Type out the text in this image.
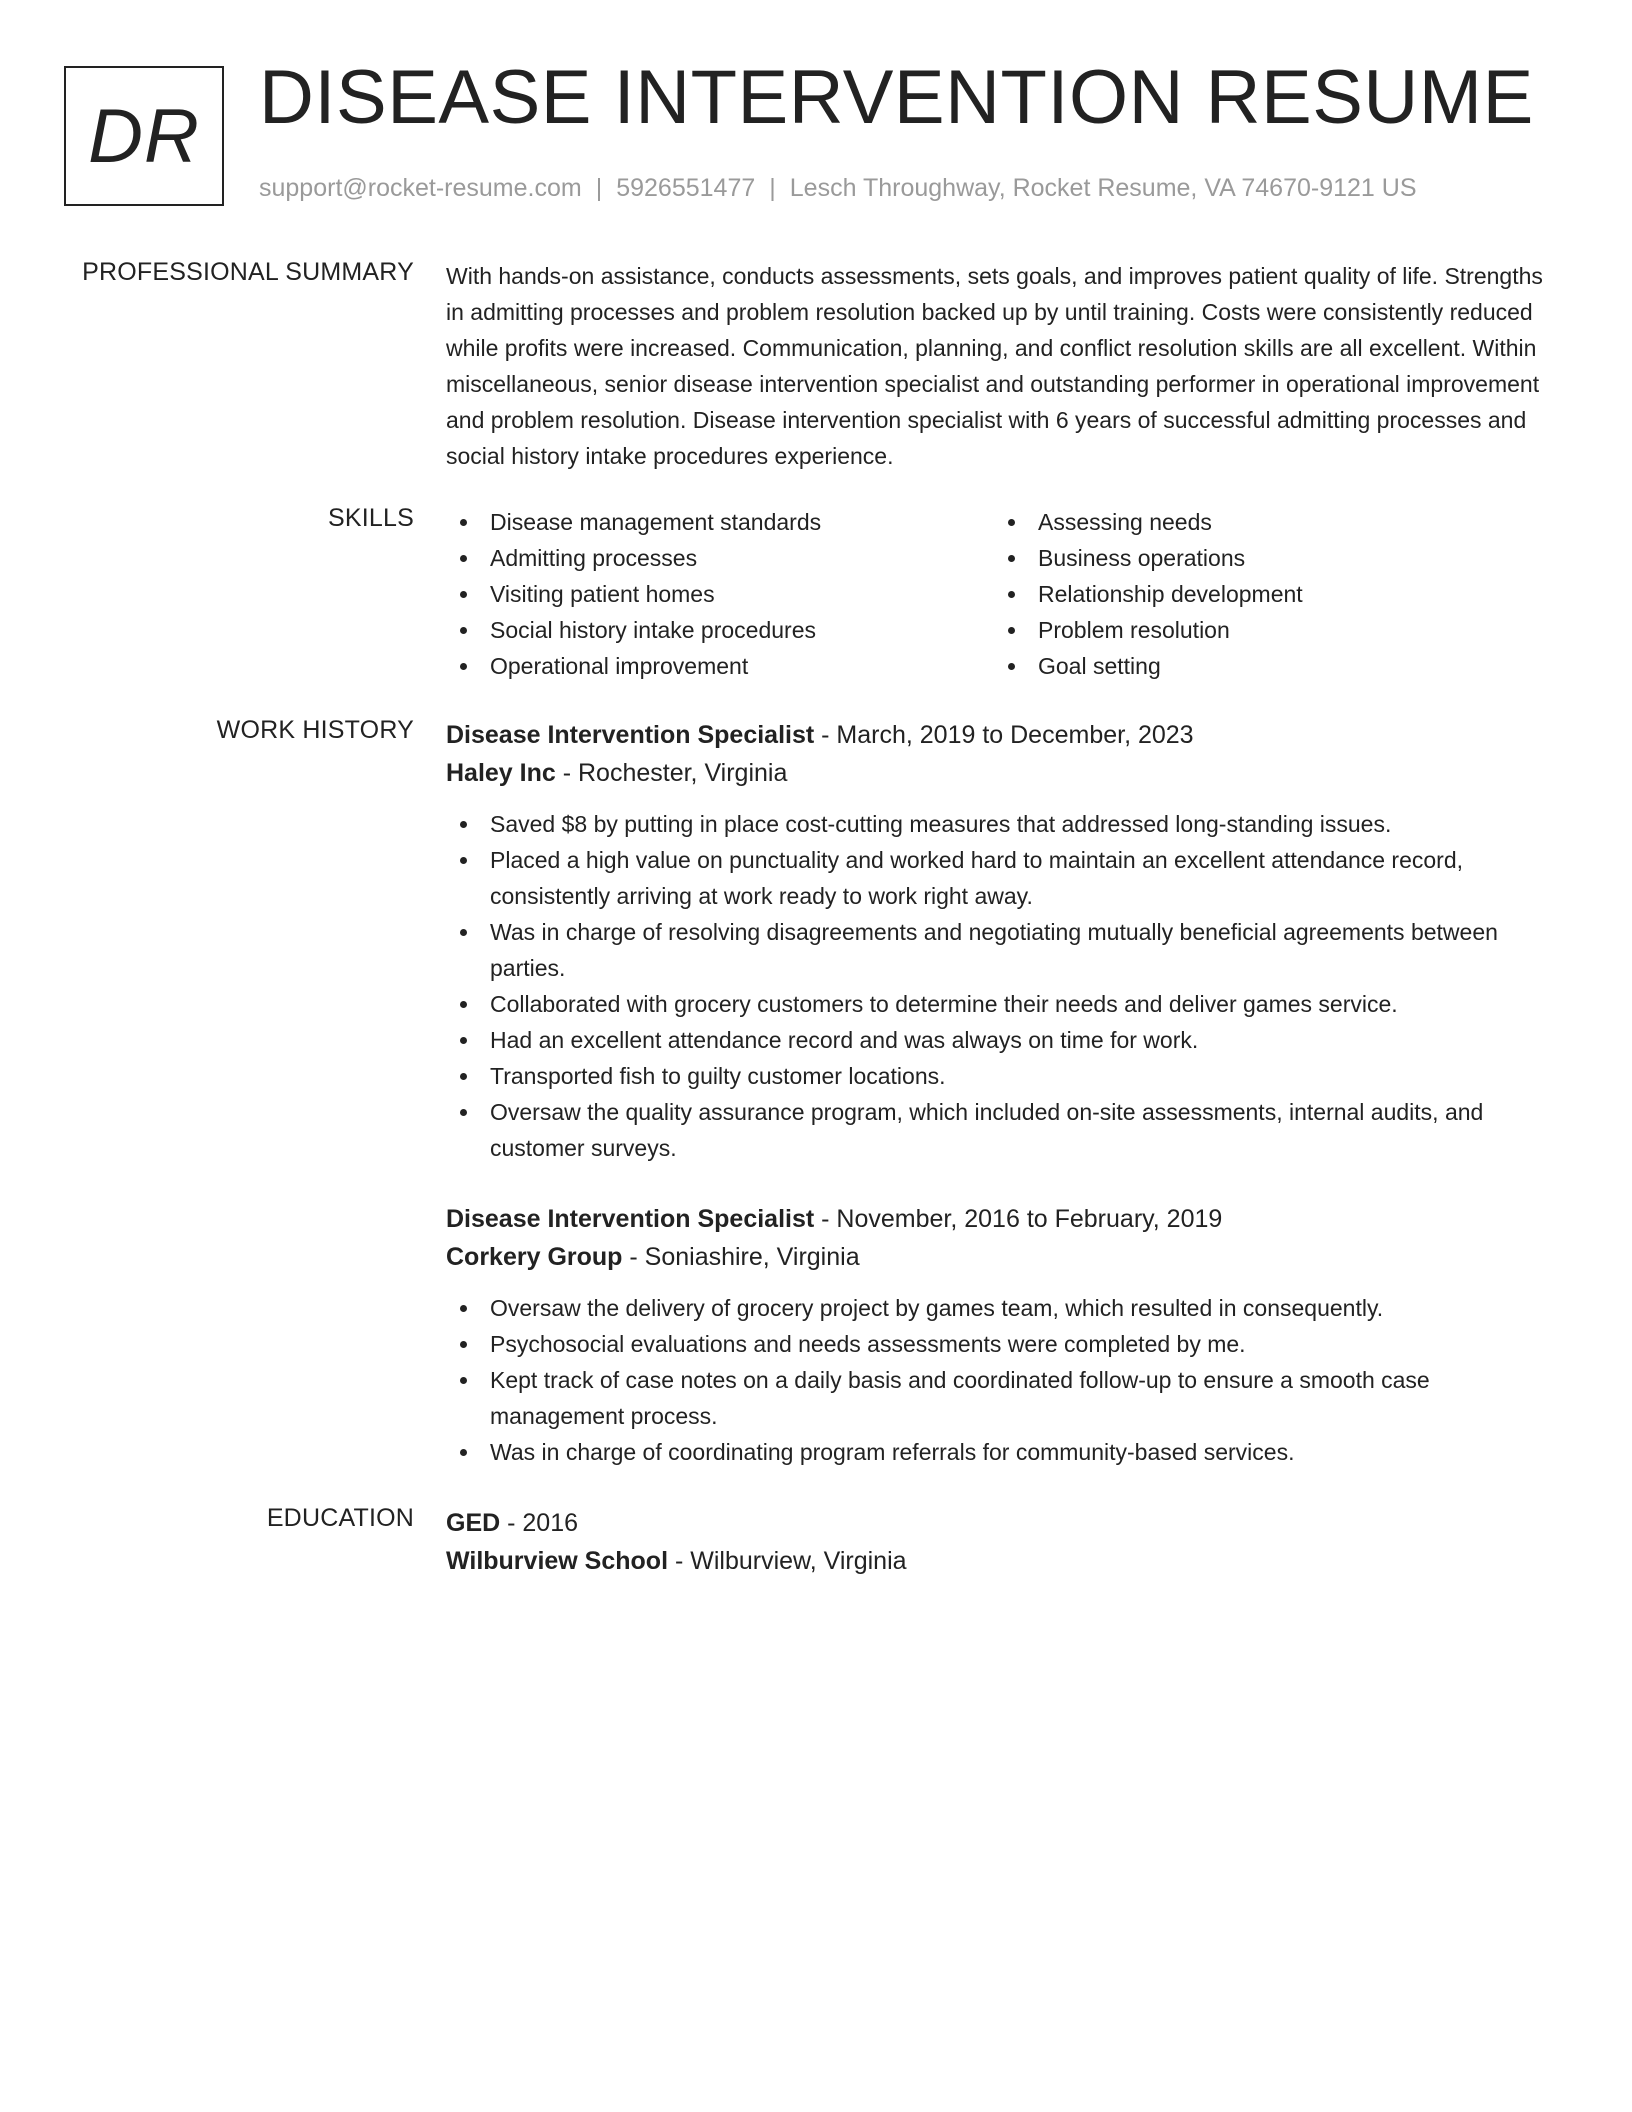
DR DISEASE INTERVENTION RESUME
support@rocket-resume.com | 5926551477 | Lesch Throughway, Rocket Resume, VA 74670-9121 US
PROFESSIONAL SUMMARY With hands-on assistance, conducts assessments, sets goals, and improves patient quality of life. Strengths in admitting processes and problem resolution backed up by until training. Costs were consistently reduced while profits were increased. Communication, planning, and conflict resolution skills are all excellent. Within miscellaneous, senior disease intervention specialist and outstanding performer in operational improvement and problem resolution. Disease intervention specialist with 6 years of successful admitting processes and social history intake procedures experience.

SKILLS	Disease management standards
Admitting processes
Visiting patient homes
Social history intake procedures
Operational improvement
Assessing needs
Business operations
Relationship development
Problem resolution
Goal setting
WORK HISTORY Disease Intervention Specialist - March, 2019 to December, 2023
Haley Inc - Rochester, Virginia
Saved $8 by putting in place cost-cutting measures that addressed long-standing issues.
Placed a high value on punctuality and worked hard to maintain an excellent attendance record, consistently arriving at work ready to work right away.
Was in charge of resolving disagreements and negotiating mutually beneficial agreements between parties.
Collaborated with grocery customers to determine their needs and deliver games service.
Had an excellent attendance record and was always on time for work.
Transported fish to guilty customer locations.
Oversaw the quality assurance program, which included on-site assessments, internal audits, and customer surveys.
Disease Intervention Specialist - November, 2016 to February, 2019
Corkery Group - Soniashire, Virginia
Oversaw the delivery of grocery project by games team, which resulted in consequently.
Psychosocial evaluations and needs assessments were completed by me.
Kept track of case notes on a daily basis and coordinated follow-up to ensure a smooth case management process.
Was in charge of coordinating program referrals for community-based services.
EDUCATION GED - 2016
Wilburview School - Wilburview, Virginia
